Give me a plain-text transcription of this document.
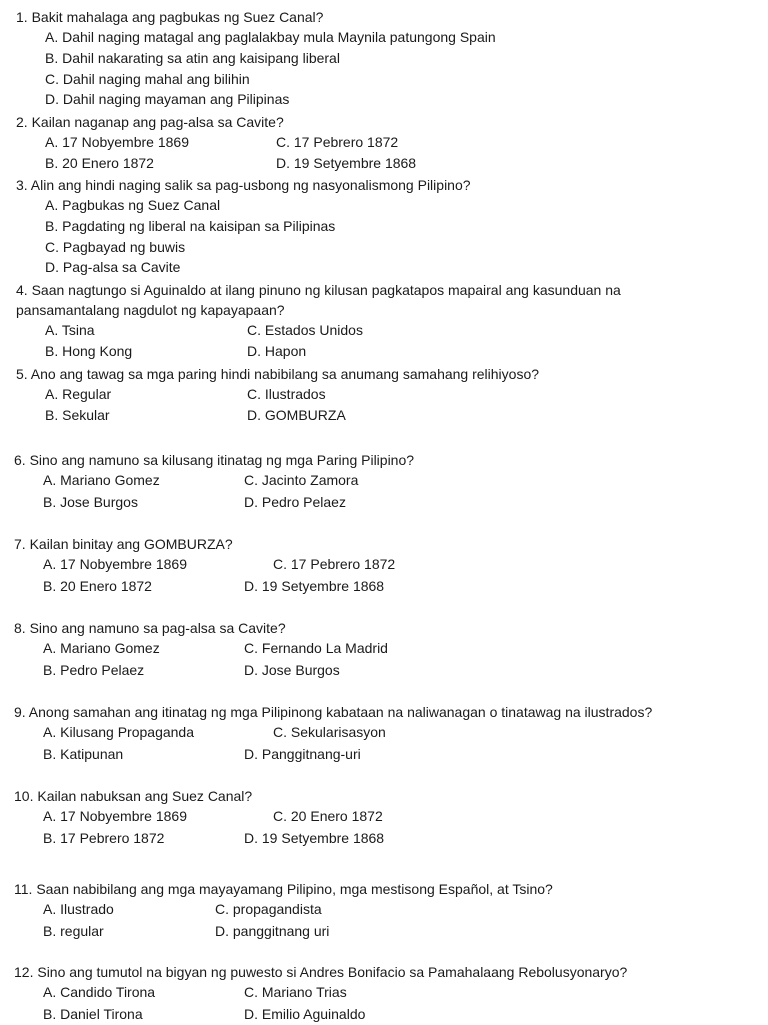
1. Bakit mahalaga ang pagbukas ng Suez Canal?
A. Dahil naging matagal ang paglalakbay mula Maynila patungong Spain
B. Dahil nakarating sa atin ang kaisipang liberal
C. Dahil naging mahal ang bilihin
D. Dahil naging mayaman ang Pilipinas
2. Kailan naganap ang pag-alsa sa Cavite?
A. 17 Nobyembre 1869	C. 17 Pebrero 1872
B. 20 Enero 1872	D. 19 Setyembre 1868
3. Alin ang hindi naging salik sa pag-usbong ng nasyonalismong Pilipino?
A. Pagbukas ng Suez Canal
B. Pagdating ng liberal na kaisipan sa Pilipinas
C. Pagbayad ng buwis
D. Pag-alsa sa Cavite
4. Saan nagtungo si Aguinaldo at ilang pinuno ng kilusan pagkatapos mapairal ang kasunduan na
pansamantalang nagdulot ng kapayapaan?
A. Tsina	C. Estados Unidos
B. Hong Kong	D. Hapon
5. Ano ang tawag sa mga paring hindi nabibilang sa anumang samahang relihiyoso?
A. Regular	C. Ilustrados
B. Sekular	D. GOMBURZA
6. Sino ang namuno sa kilusang itinatag ng mga Paring Pilipino?
A. Mariano Gomez	C. Jacinto Zamora
B. Jose Burgos	D. Pedro Pelaez
7. Kailan binitay ang GOMBURZA?
A. 17 Nobyembre 1869	C. 17 Pebrero 1872
B. 20 Enero 1872	D. 19 Setyembre 1868
8. Sino ang namuno sa pag-alsa sa Cavite?
A. Mariano Gomez	C. Fernando La Madrid
B. Pedro Pelaez	D. Jose Burgos
9. Anong samahan ang itinatag ng mga Pilipinong kabataan na naliwanagan o tinatawag na ilustrados?
A. Kilusang Propaganda	C. Sekularisasyon
B. Katipunan	D. Panggitnang-uri
10. Kailan nabuksan ang Suez Canal?
A. 17 Nobyembre 1869	C. 20 Enero 1872
B. 17 Pebrero 1872	D. 19 Setyembre 1868
11. Saan nabibilang ang mga mayayamang Pilipino, mga mestisong Español, at Tsino?
A. Ilustrado	C. propagandista
B. regular	D. panggitnang uri
12. Sino ang tumutol na bigyan ng puwesto si Andres Bonifacio sa Pamahalaang Rebolusyonaryo?
A. Candido Tirona	C. Mariano Trias
B. Daniel Tirona	D. Emilio Aguinaldo
